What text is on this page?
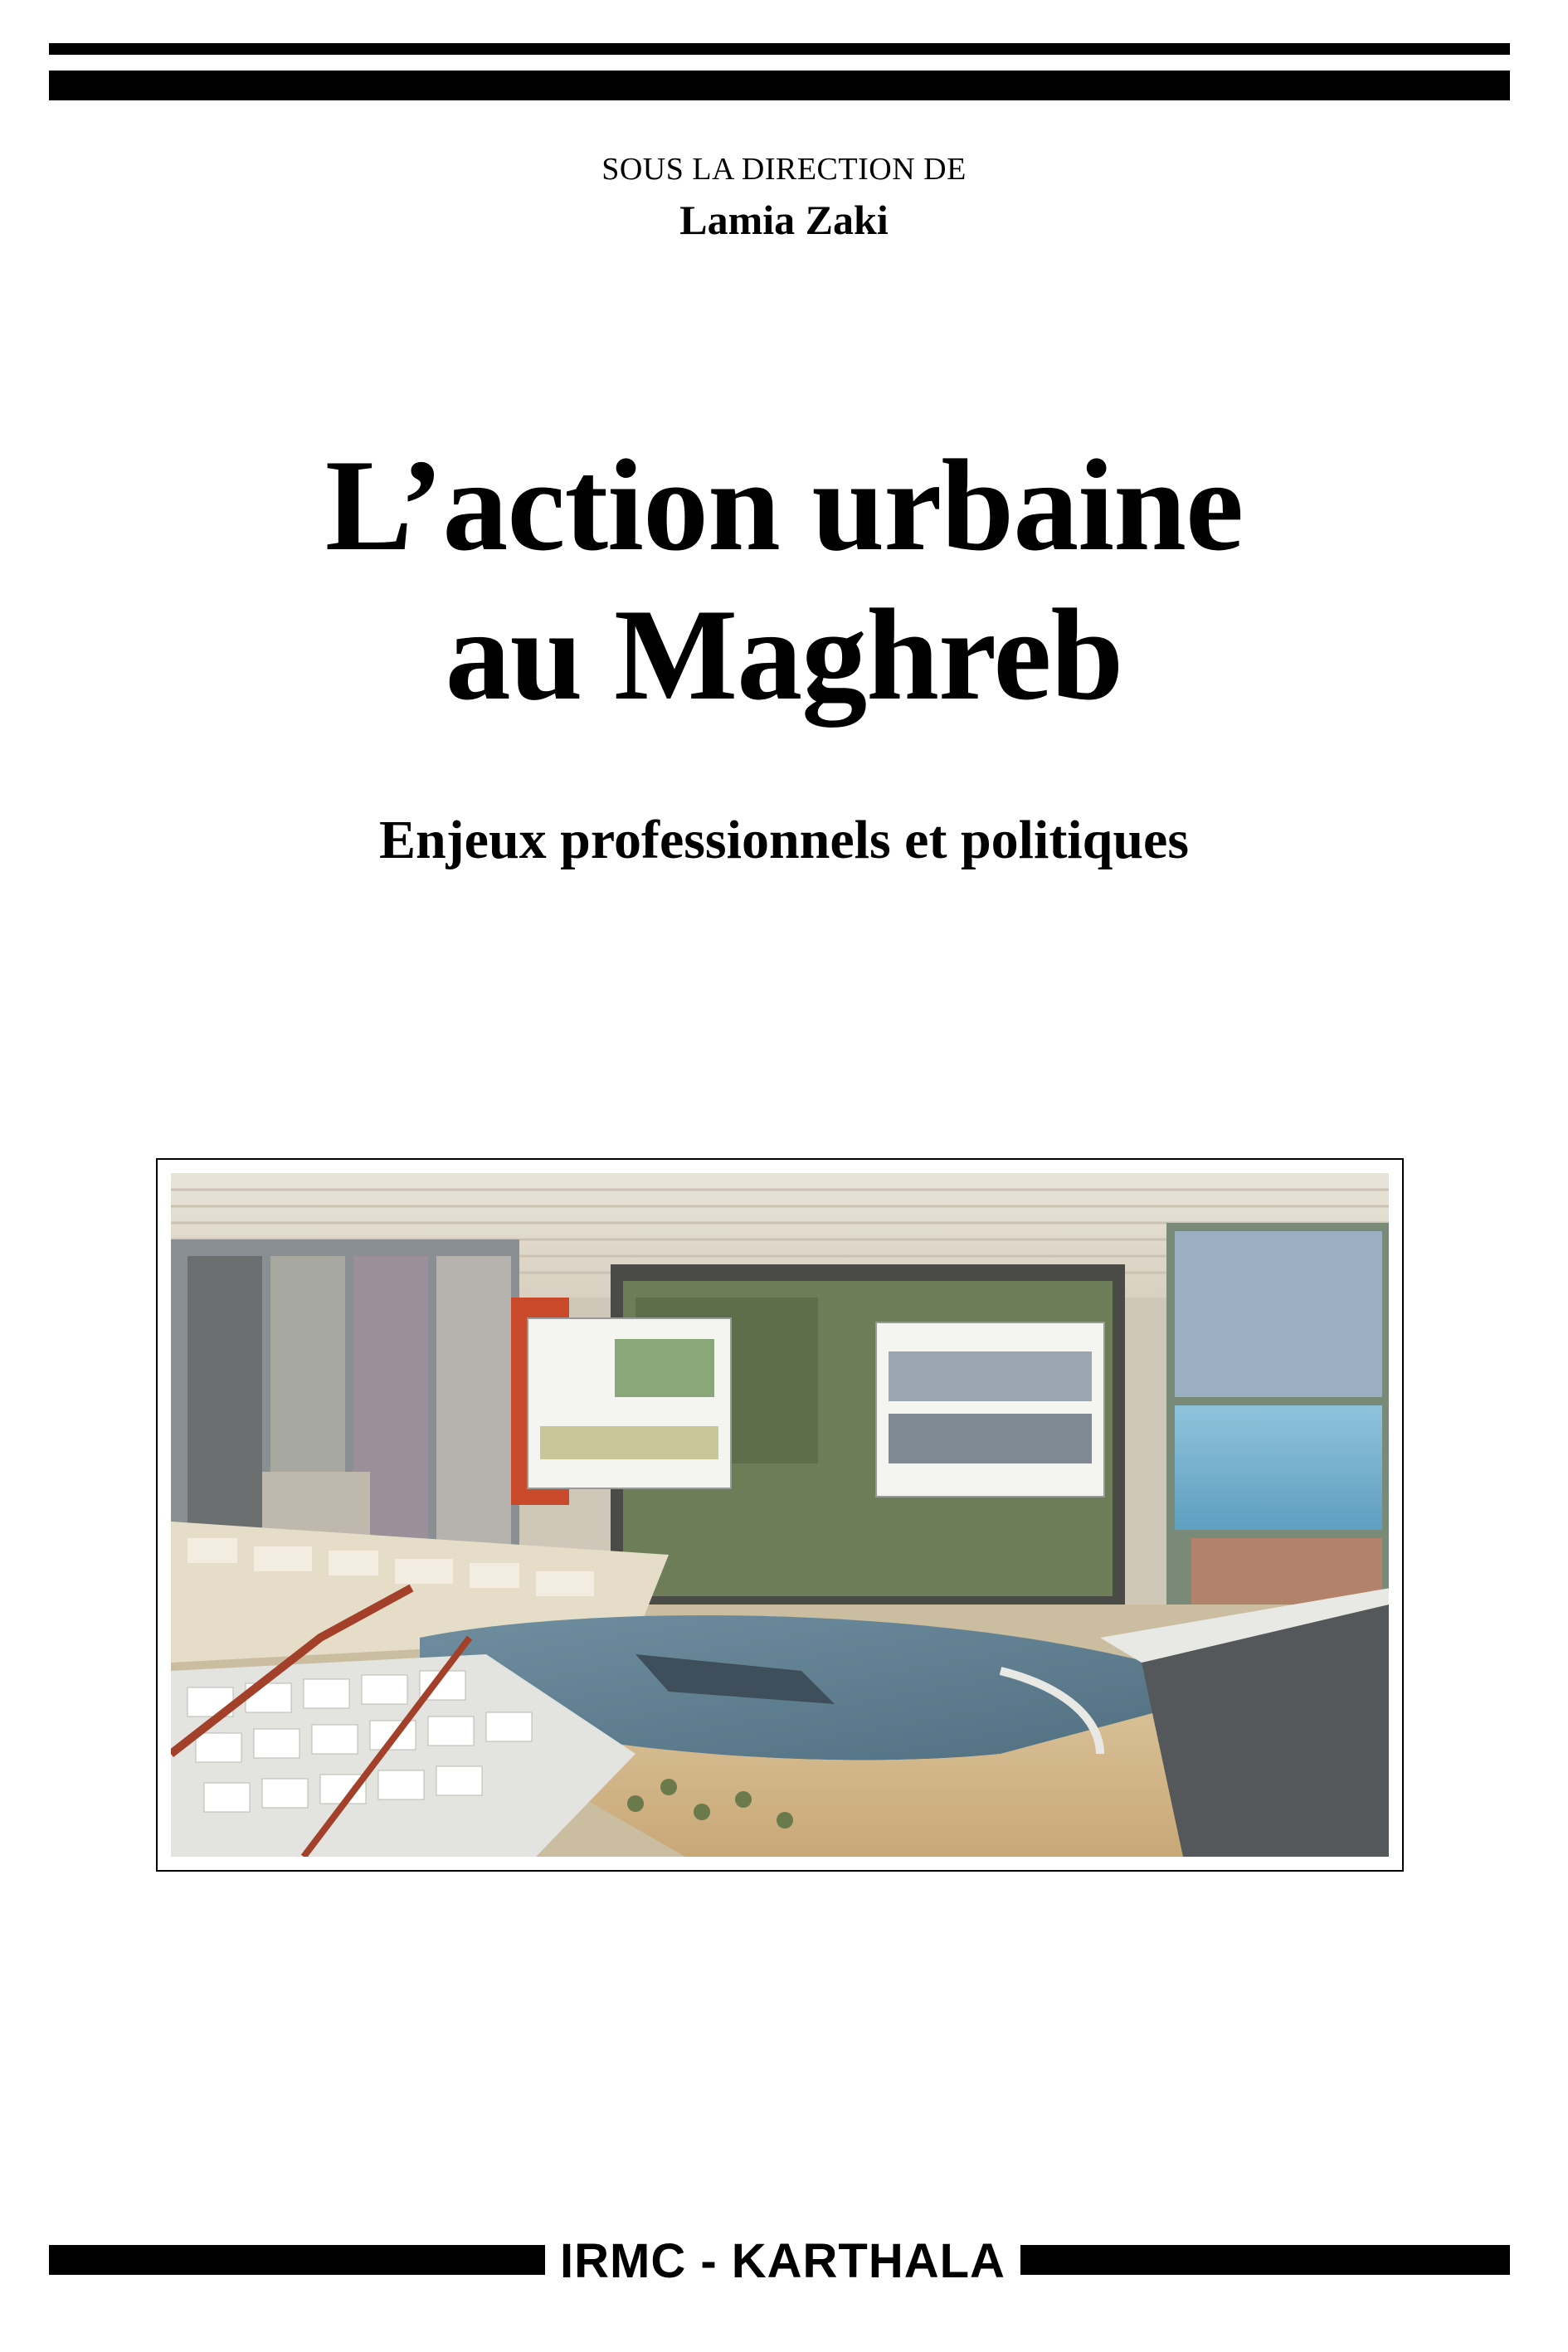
SOUS LA DIRECTION DE
Lamia Zaki
L’action urbaine
au Maghreb
Enjeux professionnels et politiques
IRMC - KARTHALA
